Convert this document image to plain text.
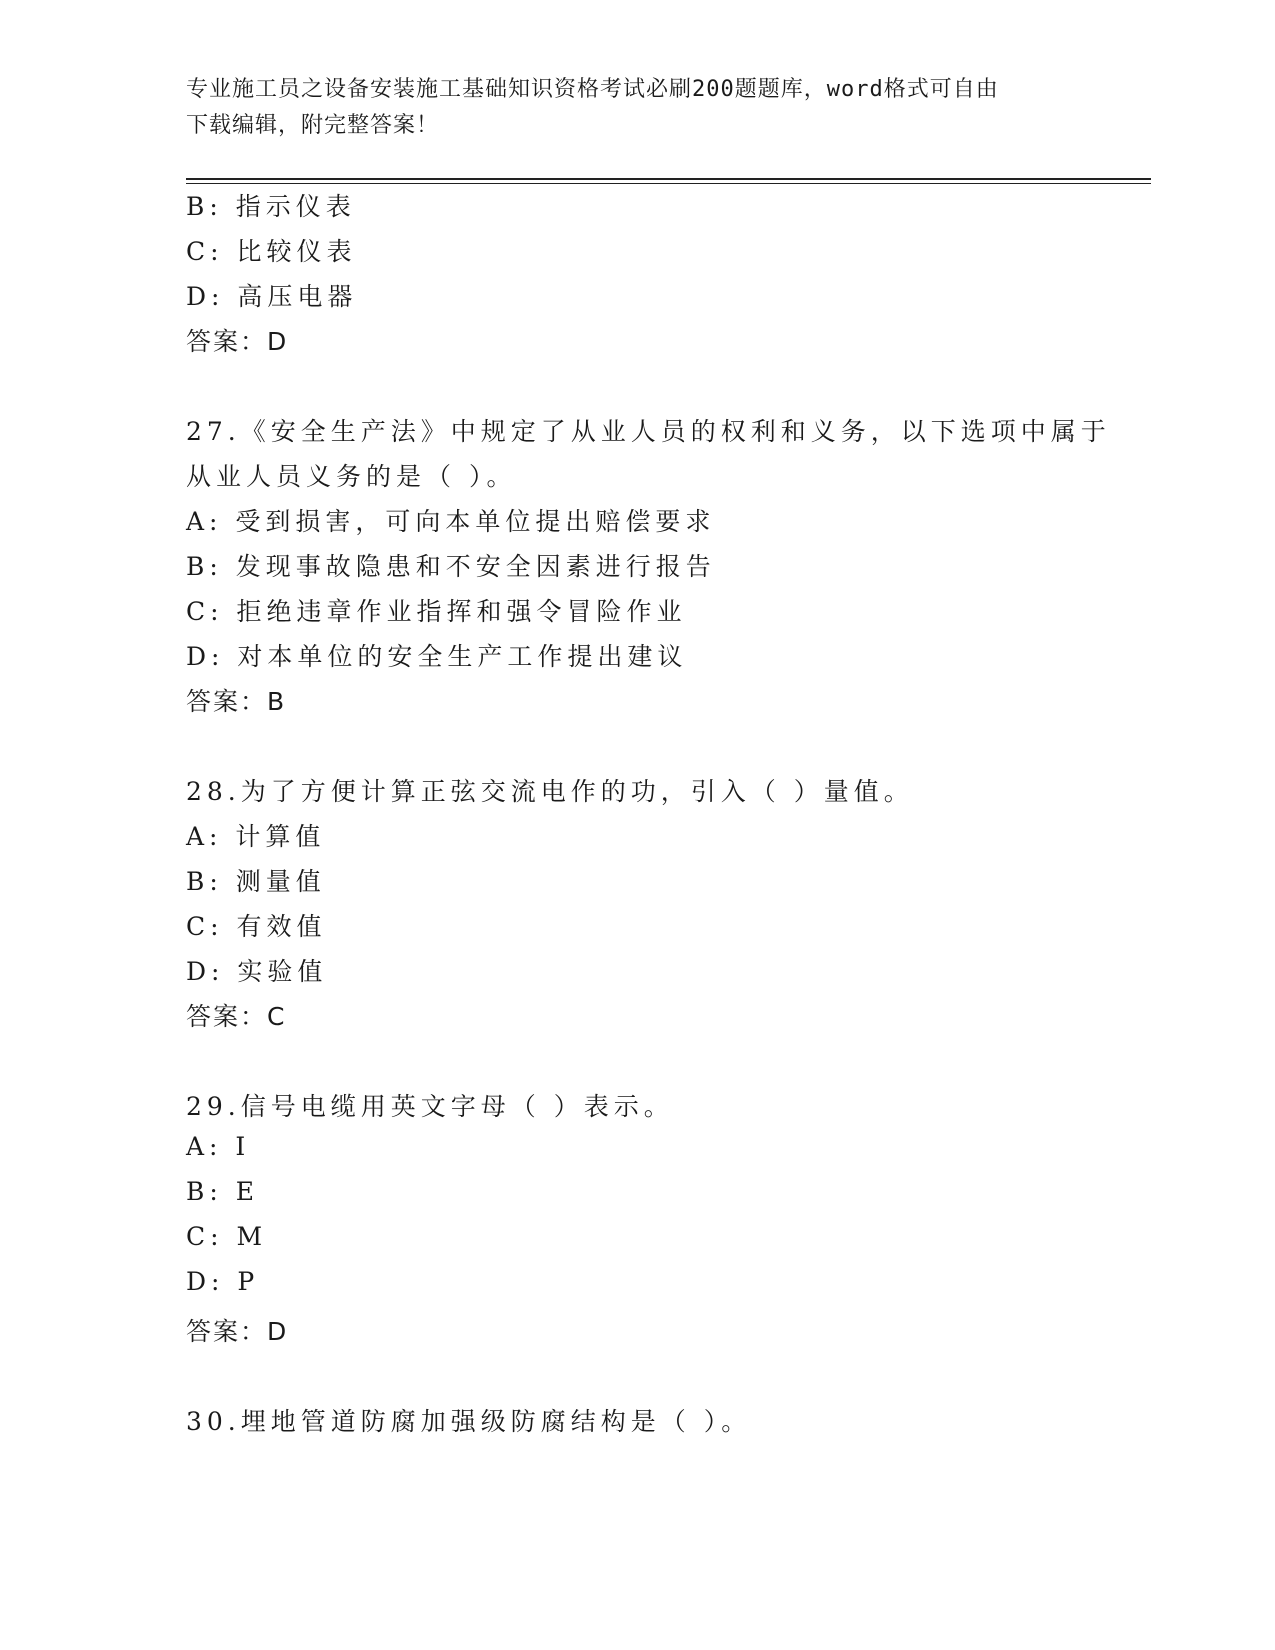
专业施工员之设备安装施工基础知识资格考试必刷200题题库，word格式可自由
下载编辑，附完整答案！
B: 指示仪表
C: 比较仪表
D: 高压电器
答案：D
27.《安全生产法》中规定了从业人员的权利和义务，以下选项中属于
从业人员义务的是（ ）。
A: 受到损害，可向本单位提出赔偿要求
B: 发现事故隐患和不安全因素进行报告
C: 拒绝违章作业指挥和强令冒险作业
D: 对本单位的安全生产工作提出建议
答案：B
28.为了方便计算正弦交流电作的功，引入（ ）量值。
A: 计算值
B: 测量值
C: 有效值
D: 实验值
答案：C
29.信号电缆用英文字母（ ）表示。
A: I
B: E
C: M
D: P
答案：D
30.埋地管道防腐加强级防腐结构是（ ）。
